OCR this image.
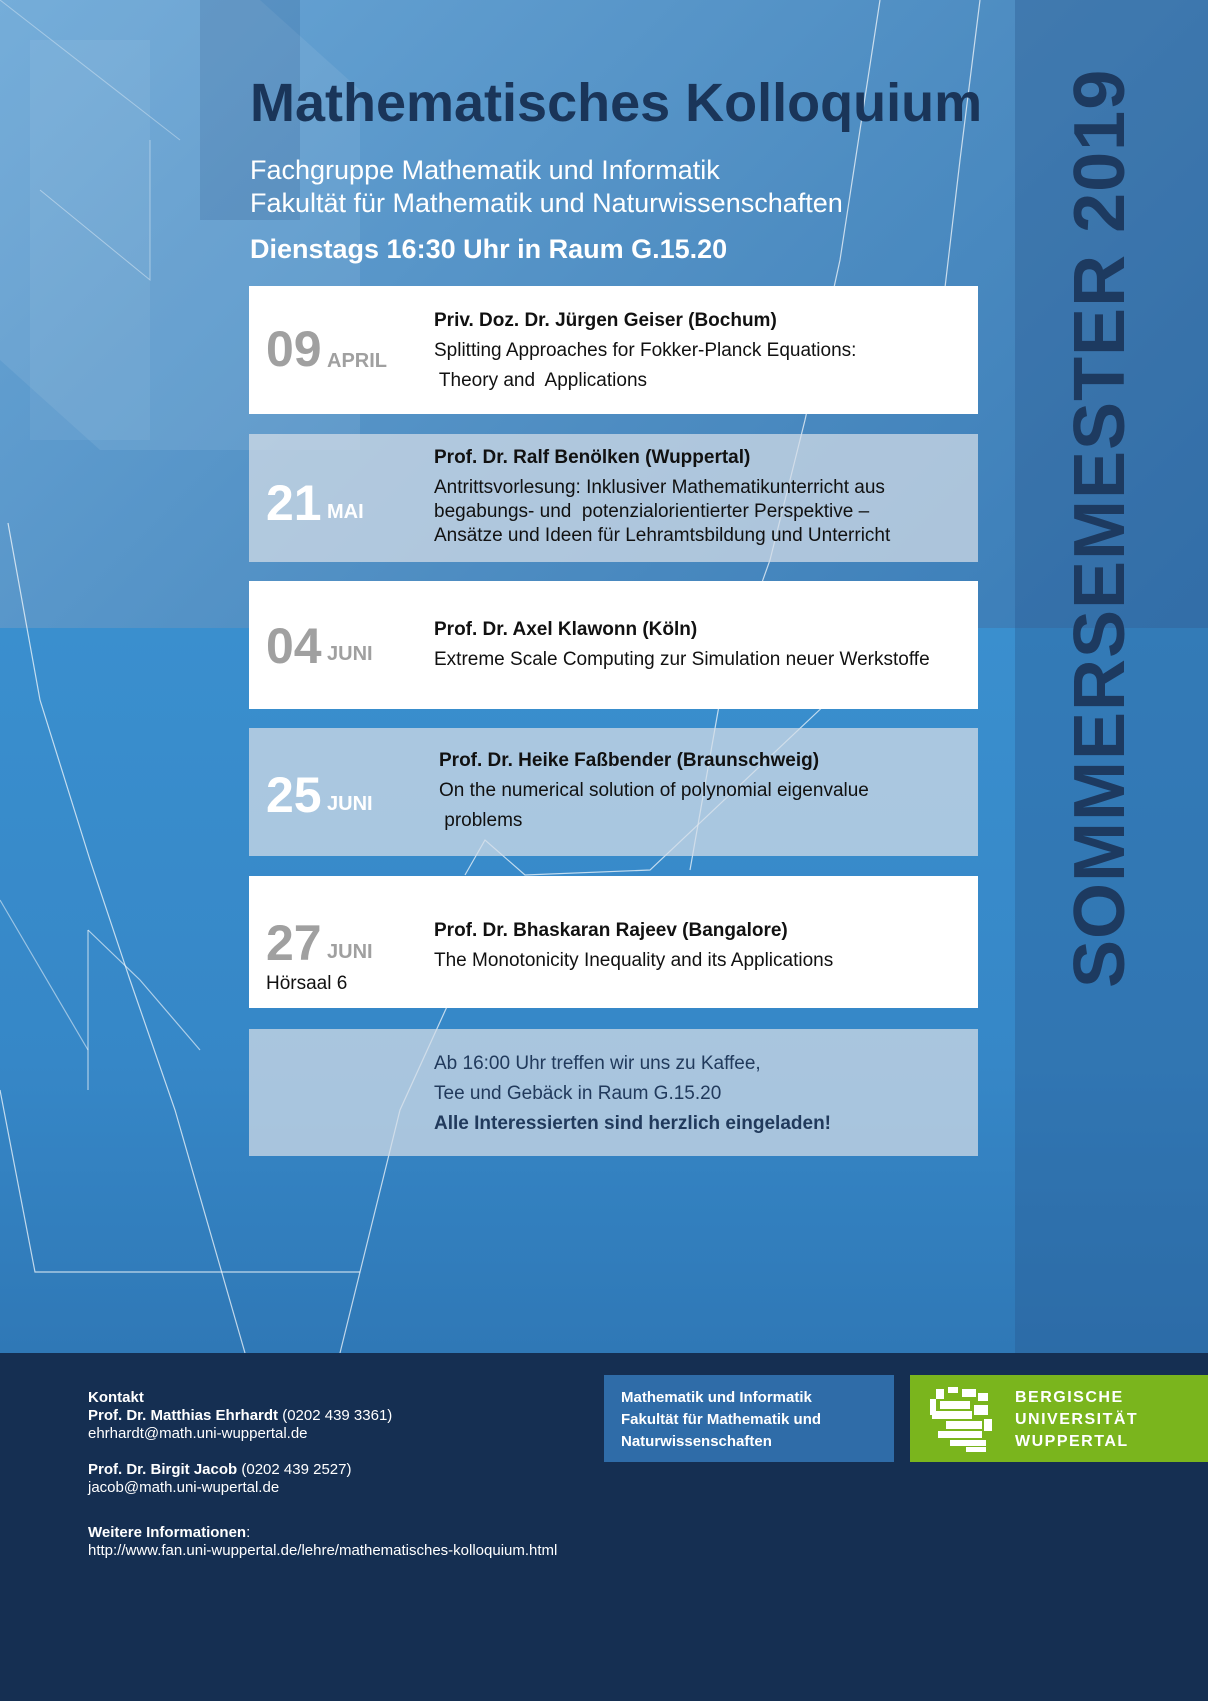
Mathematisches Kolloquium
Fachgruppe Mathematik und Informatik
Fakultät für Mathematik und Naturwissenschaften
Dienstags 16:30 Uhr in Raum G.15.20	SOMMERSEMESTER 2019
09 APRIL
Priv. Doz. Dr. Jürgen Geiser (Bochum)
Splitting Approaches for Fokker-Planck Equations:
Theory and  Applications
21 MAI
Prof. Dr. Ralf Benölken (Wuppertal)
Antrittsvorlesung: Inklusiver Mathematikunterricht aus
begabungs- und  potenzialorientierter Perspektive –
Ansätze und Ideen für Lehramtsbildung und Unterricht
04 JUNI
Prof. Dr. Axel Klawonn (Köln)
Extreme Scale Computing zur Simulation neuer Werkstoffe
25 JUNI
Prof. Dr. Heike Faßbender (Braunschweig)
On the numerical solution of polynomial eigenvalue
problems
27 JUNI
Hörsaal 6
Prof. Dr. Bhaskaran Rajeev (Bangalore)
The Monotonicity Inequality and its Applications
Ab 16:00 Uhr treffen wir uns zu Kaffee,
Tee und Gebäck in Raum G.15.20
Alle Interessierten sind herzlich eingeladen!
Kontakt
Prof. Dr. Matthias Ehrhardt (0202 439 3361)
ehrhardt@math.uni-wuppertal.de
Prof. Dr. Birgit Jacob (0202 439 2527)
jacob@math.uni-wupertal.de
Weitere Informationen:
http://www.fan.uni-wuppertal.de/lehre/mathematisches-kolloquium.html
Mathematik und Informatik
Fakultät für Mathematik und
Naturwissenschaften
BERGISCHE
UNIVERSITÄT
WUPPERTAL
